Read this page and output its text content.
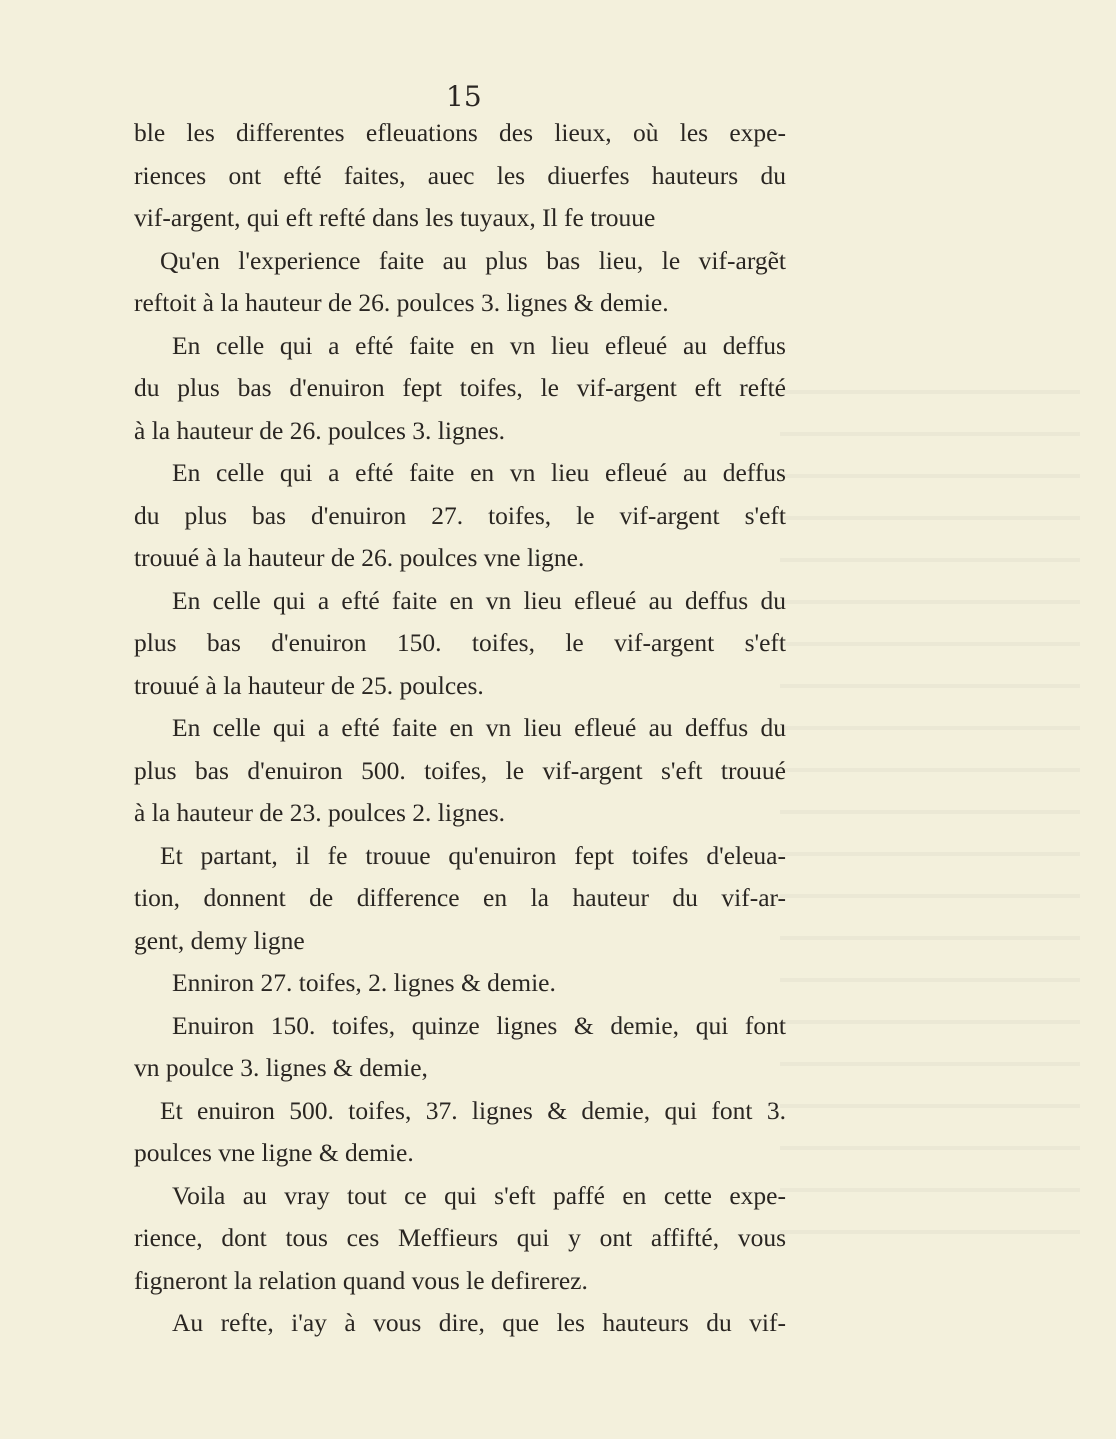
15
ble les differentes efleuations des lieux, où les expe-
riences ont efté faites, auec les diuerfes hauteurs du
vif-argent, qui eft refté dans les tuyaux, Il fe trouue
Qu'en l'experience faite au plus bas lieu, le vif-argẽt
reftoit à la hauteur de 26. poulces 3. lignes & demie.
En celle qui a efté faite en vn lieu efleué au deffus
du plus bas d'enuiron fept toifes, le vif-argent eft refté
à la hauteur de 26. poulces 3. lignes.
En celle qui a efté faite en vn lieu efleué au deffus
du plus bas d'enuiron 27. toifes, le vif-argent s'eft
trouué à la hauteur de 26. poulces vne ligne.
En celle qui a efté faite en vn lieu efleué au deffus du
plus bas d'enuiron 150. toifes, le vif-argent s'eft
trouué à la hauteur de 25. poulces.
En celle qui a efté faite en vn lieu efleué au deffus du
plus bas d'enuiron 500. toifes, le vif-argent s'eft trouué
à la hauteur de 23. poulces 2. lignes.
Et partant, il fe trouue qu'enuiron fept toifes d'eleua-
tion, donnent de difference en la hauteur du vif-ar-
gent, demy ligne
Enniron 27. toifes, 2. lignes & demie.
Enuiron 150. toifes, quinze lignes & demie, qui font
vn poulce 3. lignes & demie,
Et enuiron 500. toifes, 37. lignes & demie, qui font 3.
poulces vne ligne & demie.
Voila au vray tout ce qui s'eft paffé en cette expe-
rience, dont tous ces Meffieurs qui y ont affifté, vous
figneront la relation quand vous le defirerez.
Au refte, i'ay à vous dire, que les hauteurs du vif-
